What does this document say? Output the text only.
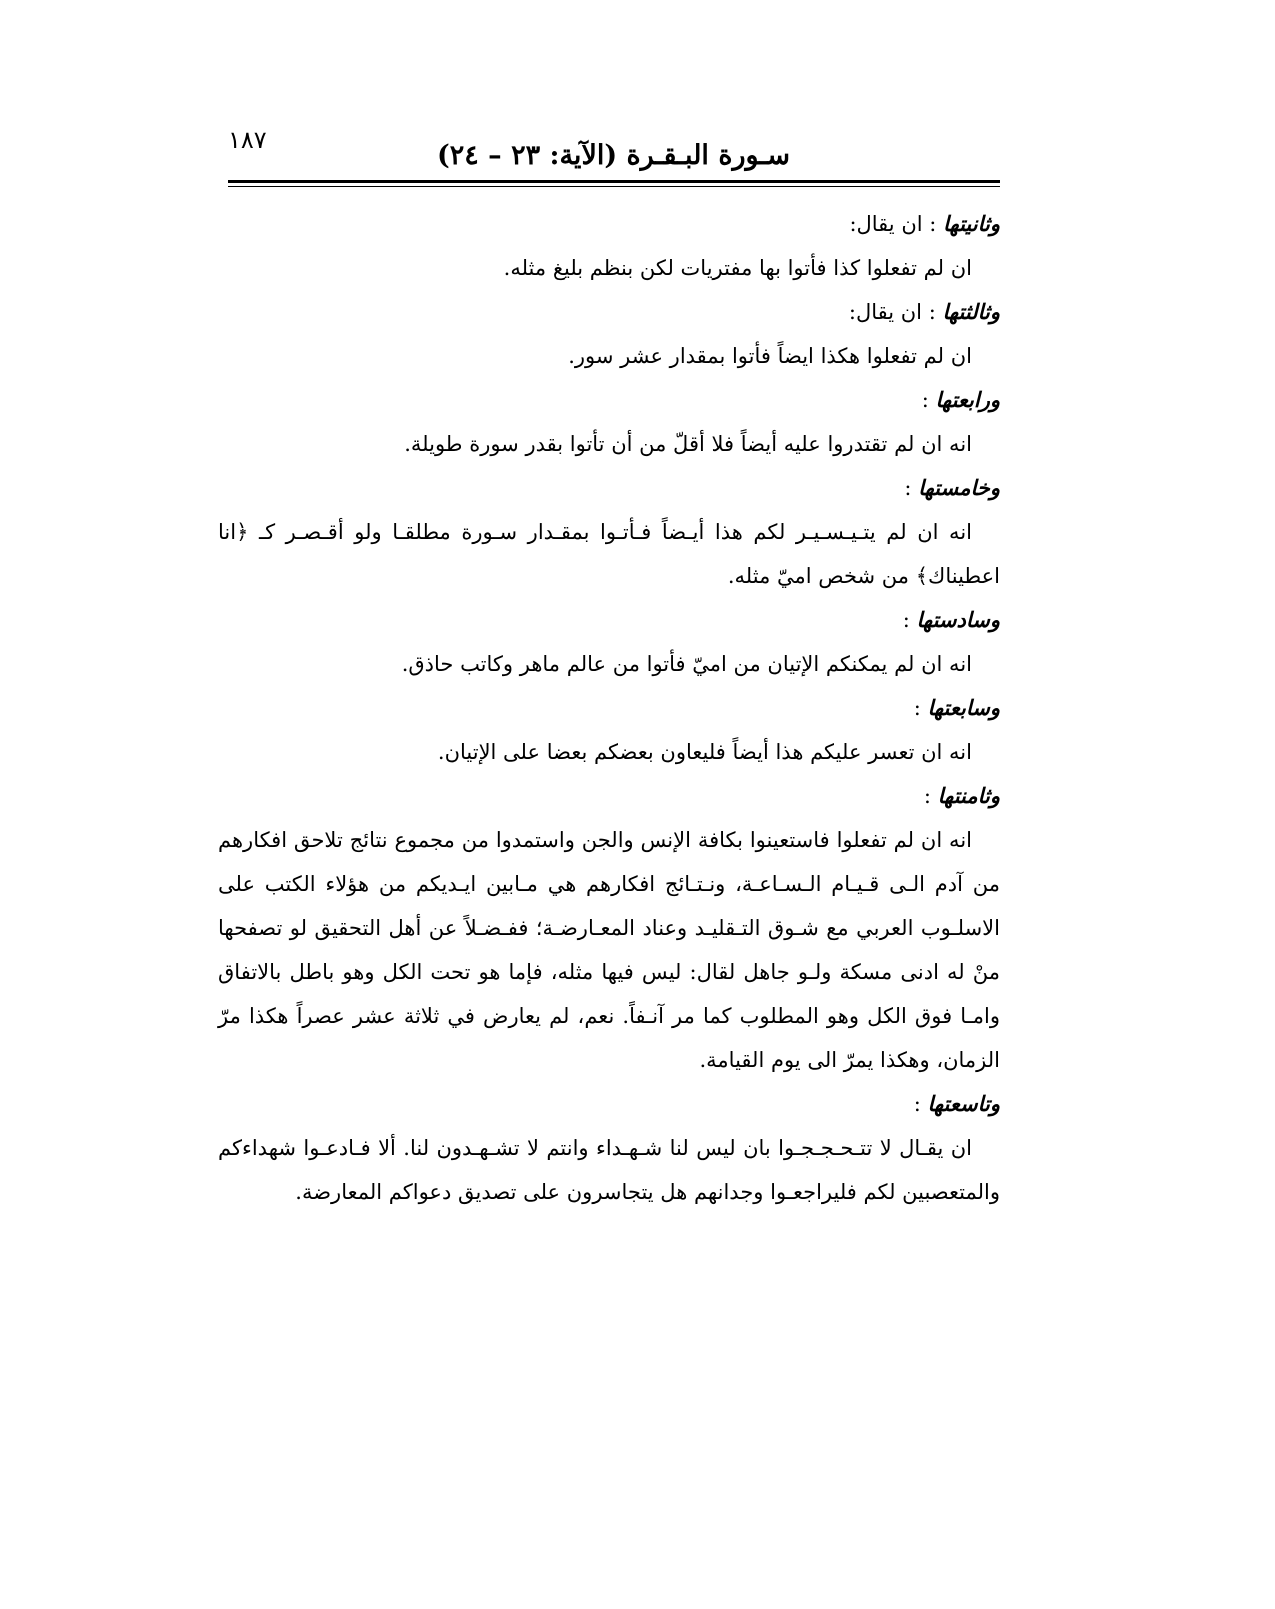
١٨٧	سـورة البـقـرة (الآية: ٢٣ – ٢٤)

وثانيتها : ان يقال:

ان لم تفعلوا كذا فأتوا بها مفتريات لكن بنظم بليغ مثله.

وثالثتها : ان يقال:

ان لم تفعلوا هكذا ايضاً فأتوا بمقدار عشر سور.

ورابعتها :

انه ان لم تقتدروا عليه أيضاً فلا أقلّ من أن تأتوا بقدر سورة طويلة.

وخامستها :

انه ان لم يتـيـسـيـر لكم هذا أيـضاً فـأتـوا بمقـدار سـورة مطلقـا ولو أقـصـر كـ ﴿انا اعطيناك﴾ من شخص اميّ مثله.

وسادستها :

انه ان لم يمكنكم الإتيان من اميّ فأتوا من عالم ماهر وكاتب حاذق.

وسابعتها :

انه ان تعسر عليكم هذا أيضاً فليعاون بعضكم بعضا على الإتيان.

وثامنتها :

انه ان لم تفعلوا فاستعينوا بكافة الإنس والجن واستمدوا من مجموع نتائج تلاحق افكارهم من آدم الـى قـيـام الـسـاعـة، ونـتـائج افكارهم هي مـابين ايـديكم من هؤلاء الكتب على الاسلـوب العربي مع شـوق التـقليـد وعناد المعـارضـة؛ ففـضـلاً عن أهل التحقيق لو تصفحها منْ له ادنى مسكة ولـو جاهل لقال: ليس فيها مثله، فإما هو تحت الكل وهو باطل بالاتفاق وامـا فوق الكل وهو المطلوب كما مر آنـفاً. نعم، لم يعارض في ثلاثة عشر عصراً هكذا مرّ الزمان، وهكذا يمرّ الى يوم القيامة.

وتاسعتها :

ان يقـال لا تتـحـجـجـوا بان ليس لنا شـهـداء وانتم لا تشـهـدون لنا. ألا فـادعـوا شهداءكم والمتعصبين لكم فليراجعـوا وجدانهم هل يتجاسرون على تصديق دعواكم المعارضة.
